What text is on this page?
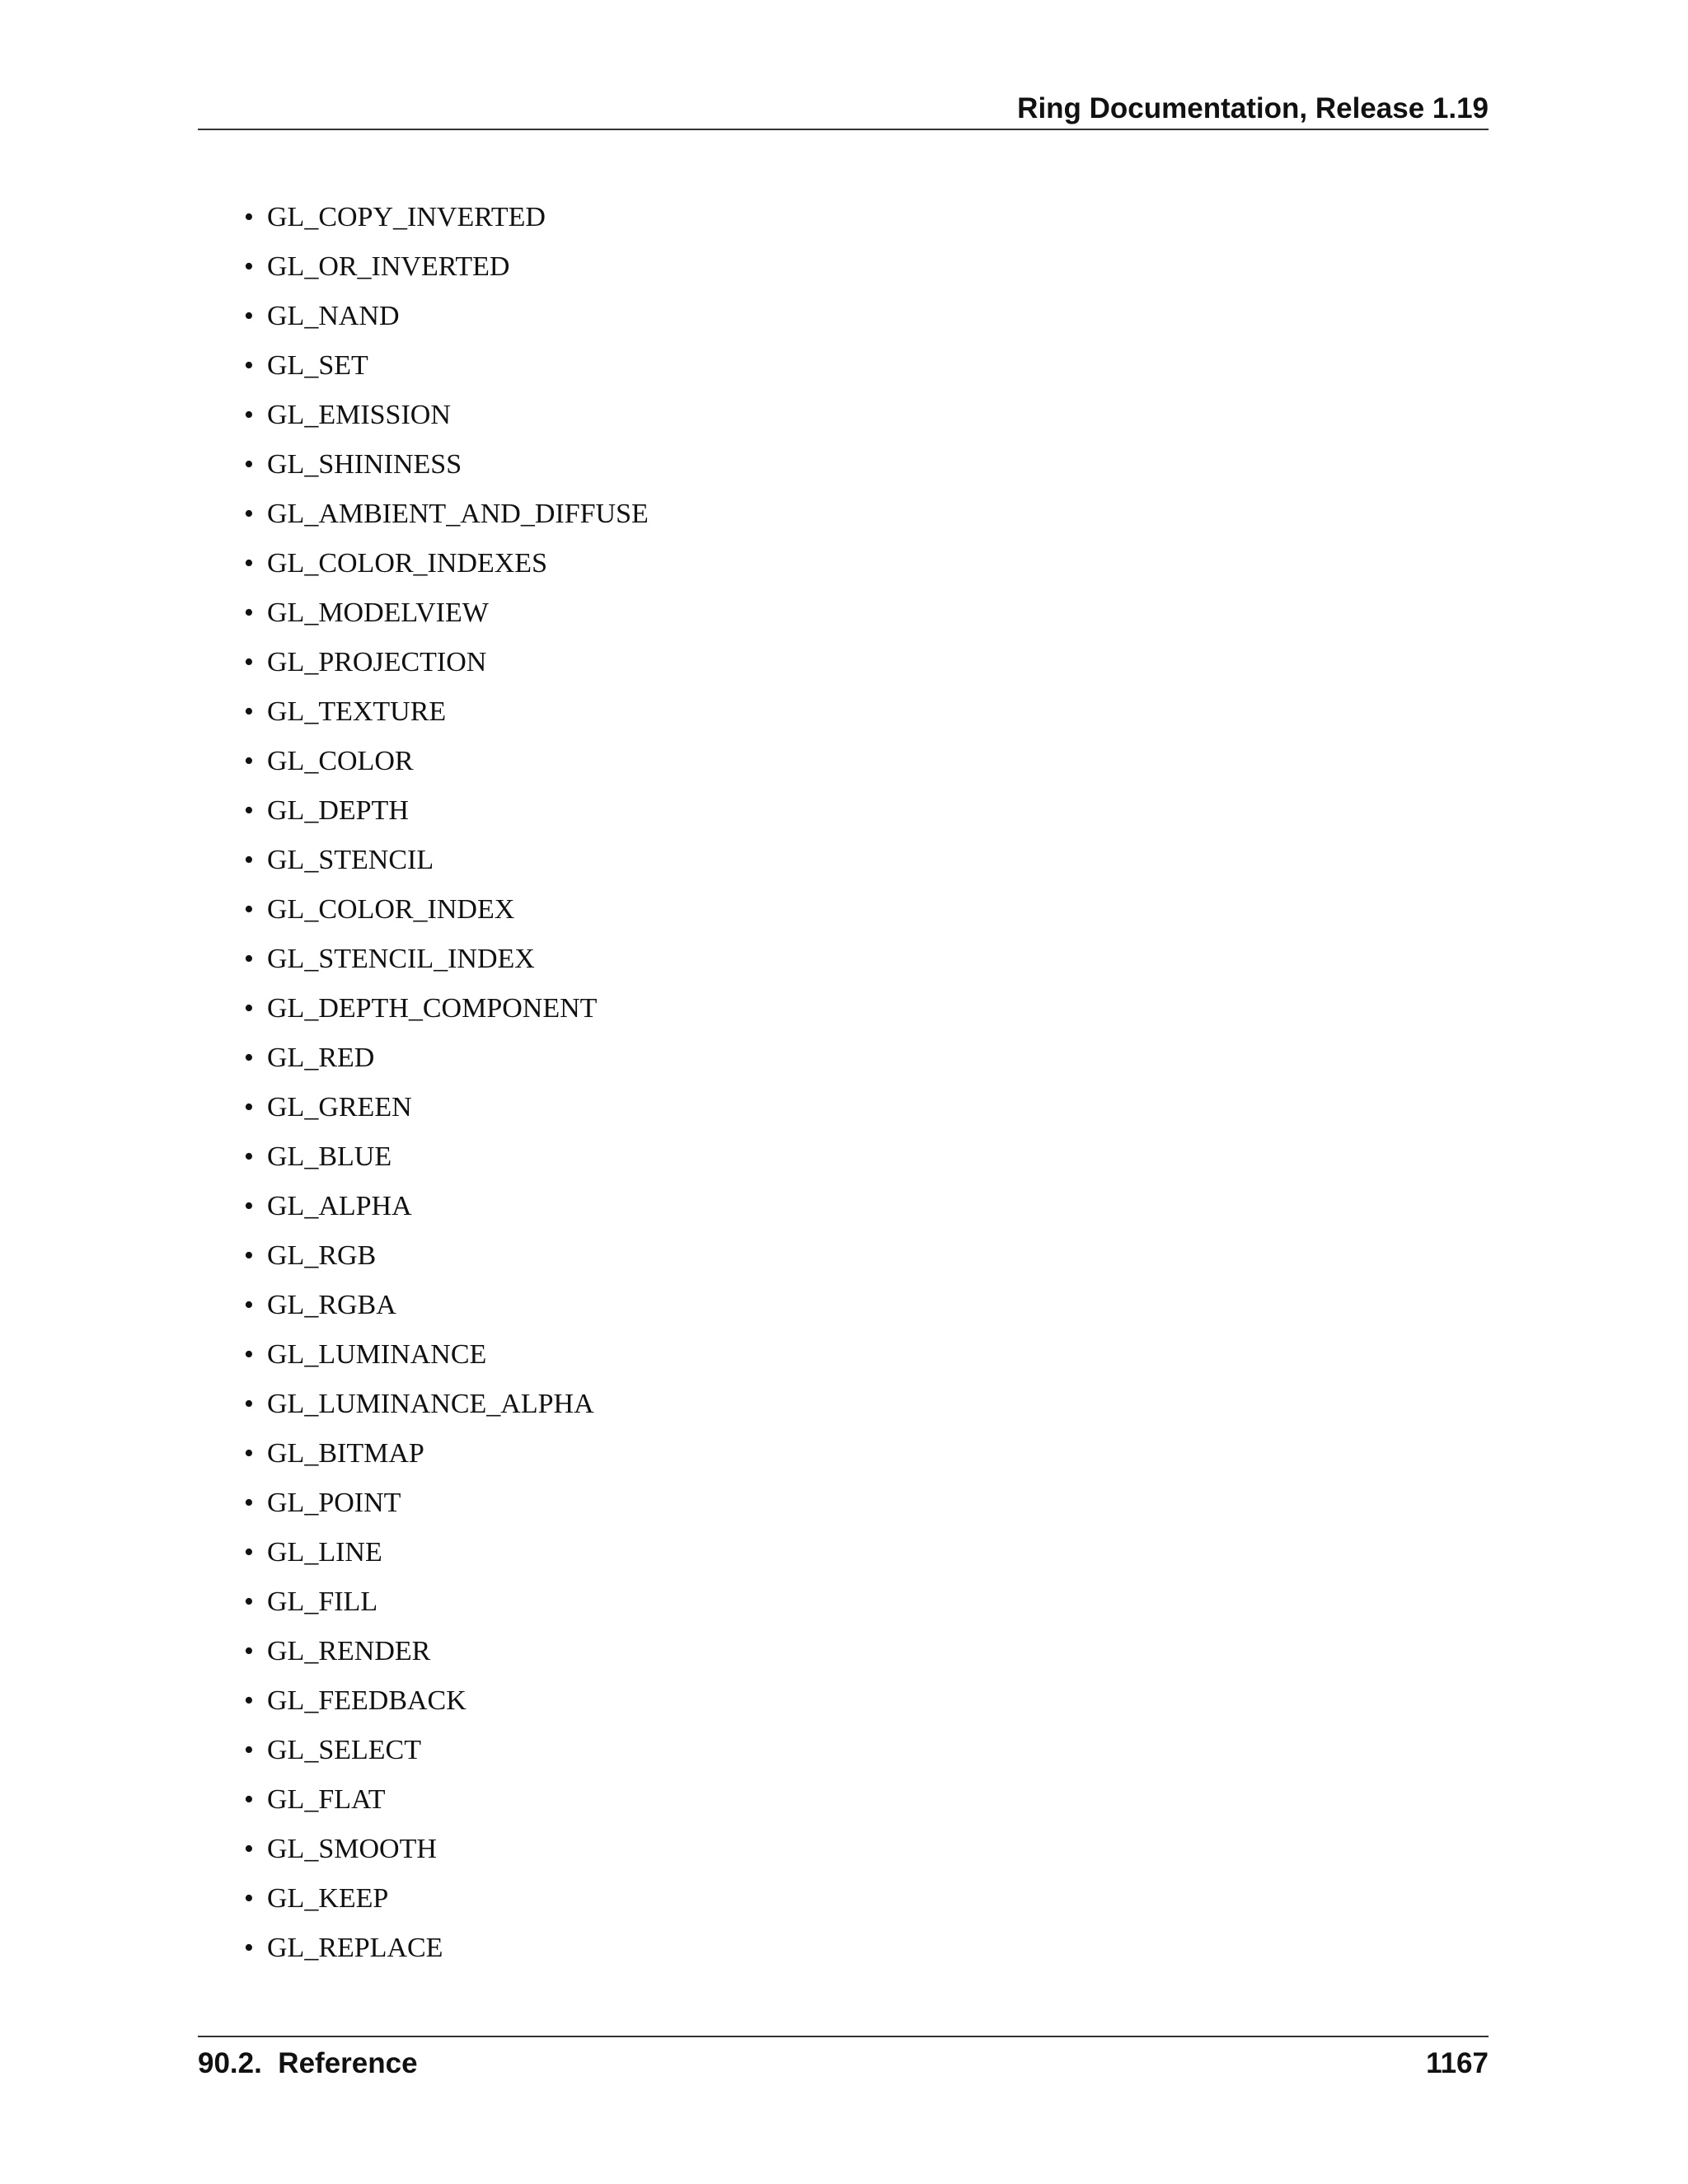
Ring Documentation, Release 1.19
• GL_COPY_INVERTED
• GL_OR_INVERTED
• GL_NAND
• GL_SET
• GL_EMISSION
• GL_SHININESS
• GL_AMBIENT_AND_DIFFUSE
• GL_COLOR_INDEXES
• GL_MODELVIEW
• GL_PROJECTION
• GL_TEXTURE
• GL_COLOR
• GL_DEPTH
• GL_STENCIL
• GL_COLOR_INDEX
• GL_STENCIL_INDEX
• GL_DEPTH_COMPONENT
• GL_RED
• GL_GREEN
• GL_BLUE
• GL_ALPHA
• GL_RGB
• GL_RGBA
• GL_LUMINANCE
• GL_LUMINANCE_ALPHA
• GL_BITMAP
• GL_POINT
• GL_LINE
• GL_FILL
• GL_RENDER
• GL_FEEDBACK
• GL_SELECT
• GL_FLAT
• GL_SMOOTH
• GL_KEEP
• GL_REPLACE
90.2.  Reference	1167
